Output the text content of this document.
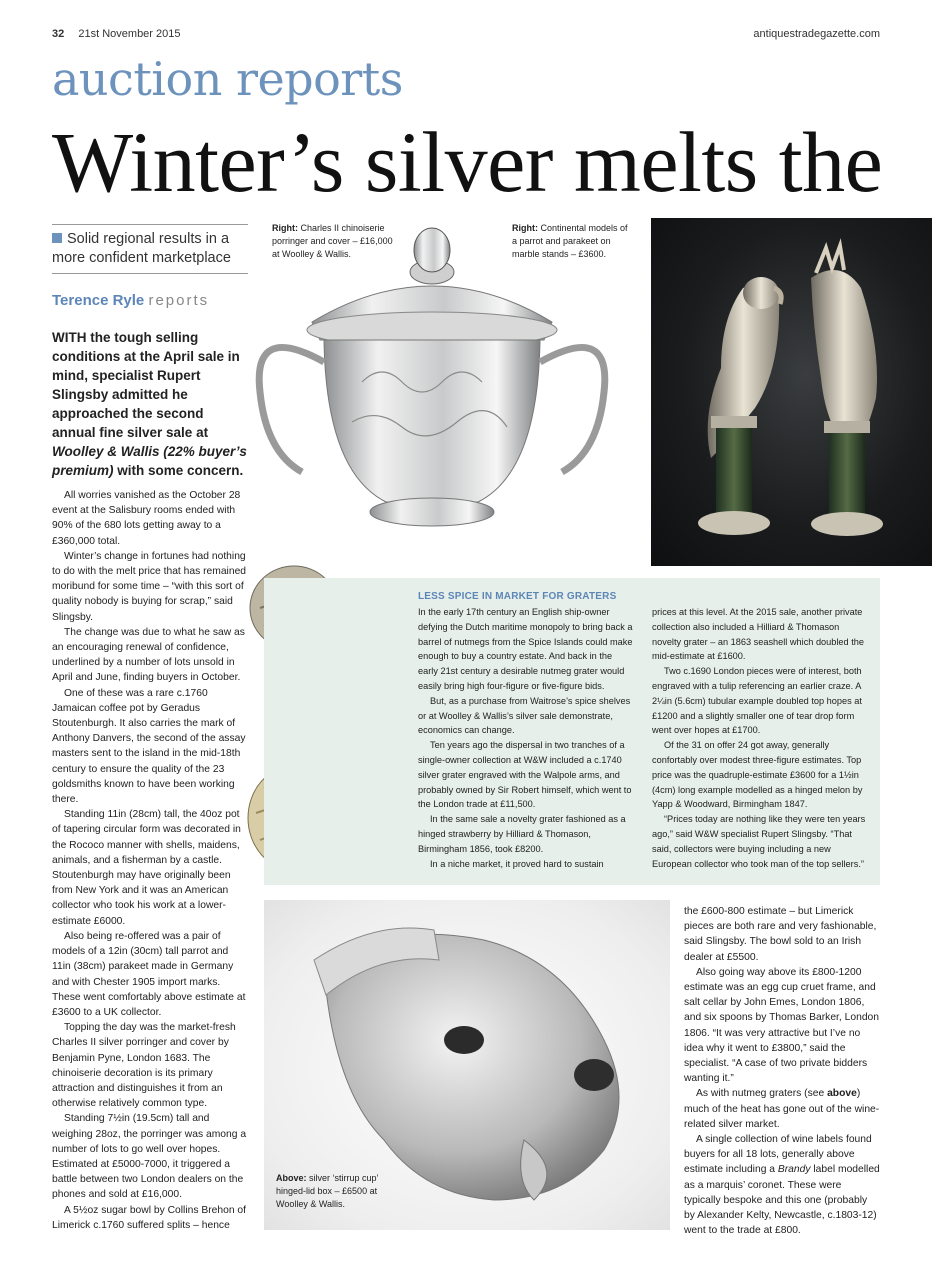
32 21st November 2015	antiquestradegazette.com
auction reports
Winter’s silver melts the
Solid regional results in a more confident marketplace
Terence Ryle reports
WITH the tough selling conditions at the April sale in mind, specialist Rupert Slingsby admitted he approached the second annual fine silver sale at Woolley & Wallis (22% buyer’s premium) with some concern.

All worries vanished as the October 28 event at the Salisbury rooms ended with 90% of the 680 lots getting away to a £360,000 total.

Winter’s change in fortunes had nothing to do with the melt price that has remained moribund for some time – “with this sort of quality nobody is buying for scrap,” said Slingsby.

The change was due to what he saw as an encouraging renewal of confidence, underlined by a number of lots unsold in April and June, finding buyers in October.

One of these was a rare c.1760 Jamaican coffee pot by Geradus Stoutenburgh. It also carries the mark of Anthony Danvers, the second of the assay masters sent to the island in the mid-18th century to ensure the quality of the 23 goldsmiths known to have been working there.

Standing 11in (28cm) tall, the 40oz pot of tapering circular form was decorated in the Rococo manner with shells, maidens, animals, and a fisherman by a castle. Stoutenburgh may have originally been from New York and it was an American collector who took his work at a lower-estimate £6000.

Also being re-offered was a pair of models of a 12in (30cm) tall parrot and 11in (38cm) parakeet made in Germany and with Chester 1905 import marks. These went comfortably above estimate at £3600 to a UK collector.

Topping the day was the market-fresh Charles II silver porringer and cover by Benjamin Pyne, London 1683. The chinoiserie decoration is its primary attraction and distinguishes it from an otherwise relatively common type.

Standing 7½in (19.5cm) tall and weighing 28oz, the porringer was among a number of lots to go well over hopes. Estimated at £5000-7000, it triggered a battle between two London dealers on the phones and sold at £16,000.

A 5½oz sugar bowl by Collins Brehon of Limerick c.1760 suffered splits – hence

Right: Charles II chinoiserie porringer and cover – £16,000 at Woolley & Wallis.
Right: Continental models of a parrot and parakeet on marble stands – £3600.
LESS SPICE IN MARKET FOR GRATERS

In the early 17th century an English ship-owner defying the Dutch maritime monopoly to bring back a barrel of nutmegs from the Spice Islands could make enough to buy a country estate. And back in the early 21st century a desirable nutmeg grater would easily bring high four-figure or five-figure bids.

But, as a purchase from Waitrose’s spice shelves or at Woolley & Wallis’s silver sale demonstrate, economics can change.

Ten years ago the dispersal in two tranches of a single-owner collection at W&W included a c.1740 silver grater engraved with the Walpole arms, and probably owned by Sir Robert himself, which went to the London trade at £11,500.

In the same sale a novelty grater fashioned as a hinged strawberry by Hilliard & Thomason, Birmingham 1856, took £8200.

In a niche market, it proved hard to sustain

prices at this level. At the 2015 sale, another private collection also included a Hilliard & Thomason novelty grater – an 1863 seashell which doubled the mid-estimate at £1600.

Two c.1690 London pieces were of interest, both engraved with a tulip referencing an earlier craze. A 2¼in (5.6cm) tubular example doubled top hopes at £1200 and a slightly smaller one of tear drop form went over hopes at £1700.

Of the 31 on offer 24 got away, generally confortably over modest three-figure estimates. Top price was the quadruple-estimate £3600 for a 1½in (4cm) long example modelled as a hinged melon by Yapp & Woodward, Birmingham 1847.

“Prices today are nothing like they were ten years ago,” said W&W specialist Rupert Slingsby. “That said, collectors were buying including a new European collector who took man of the top sellers.”

Above: silver ‘stirrup cup’ hinged-lid box – £6500 at Woolley & Wallis.

the £600-800 estimate – but Limerick pieces are both rare and very fashionable, said Slingsby. The bowl sold to an Irish dealer at £5500.

Also going way above its £800-1200 estimate was an egg cup cruet frame, and salt cellar by John Emes, London 1806, and six spoons by Thomas Barker, London 1806. “It was very attractive but I’ve no idea why it went to £3800,” said the specialist. “A case of two private bidders wanting it.”

As with nutmeg graters (see above) much of the heat has gone out of the wine-related silver market.

A single collection of wine labels found buyers for all 18 lots, generally above estimate including a Brandy label modelled as a marquis’ coronet. These were typically bespoke and this one (probably by Alexander Kelty, Newcastle, c.1803-12) went to the trade at £800.
